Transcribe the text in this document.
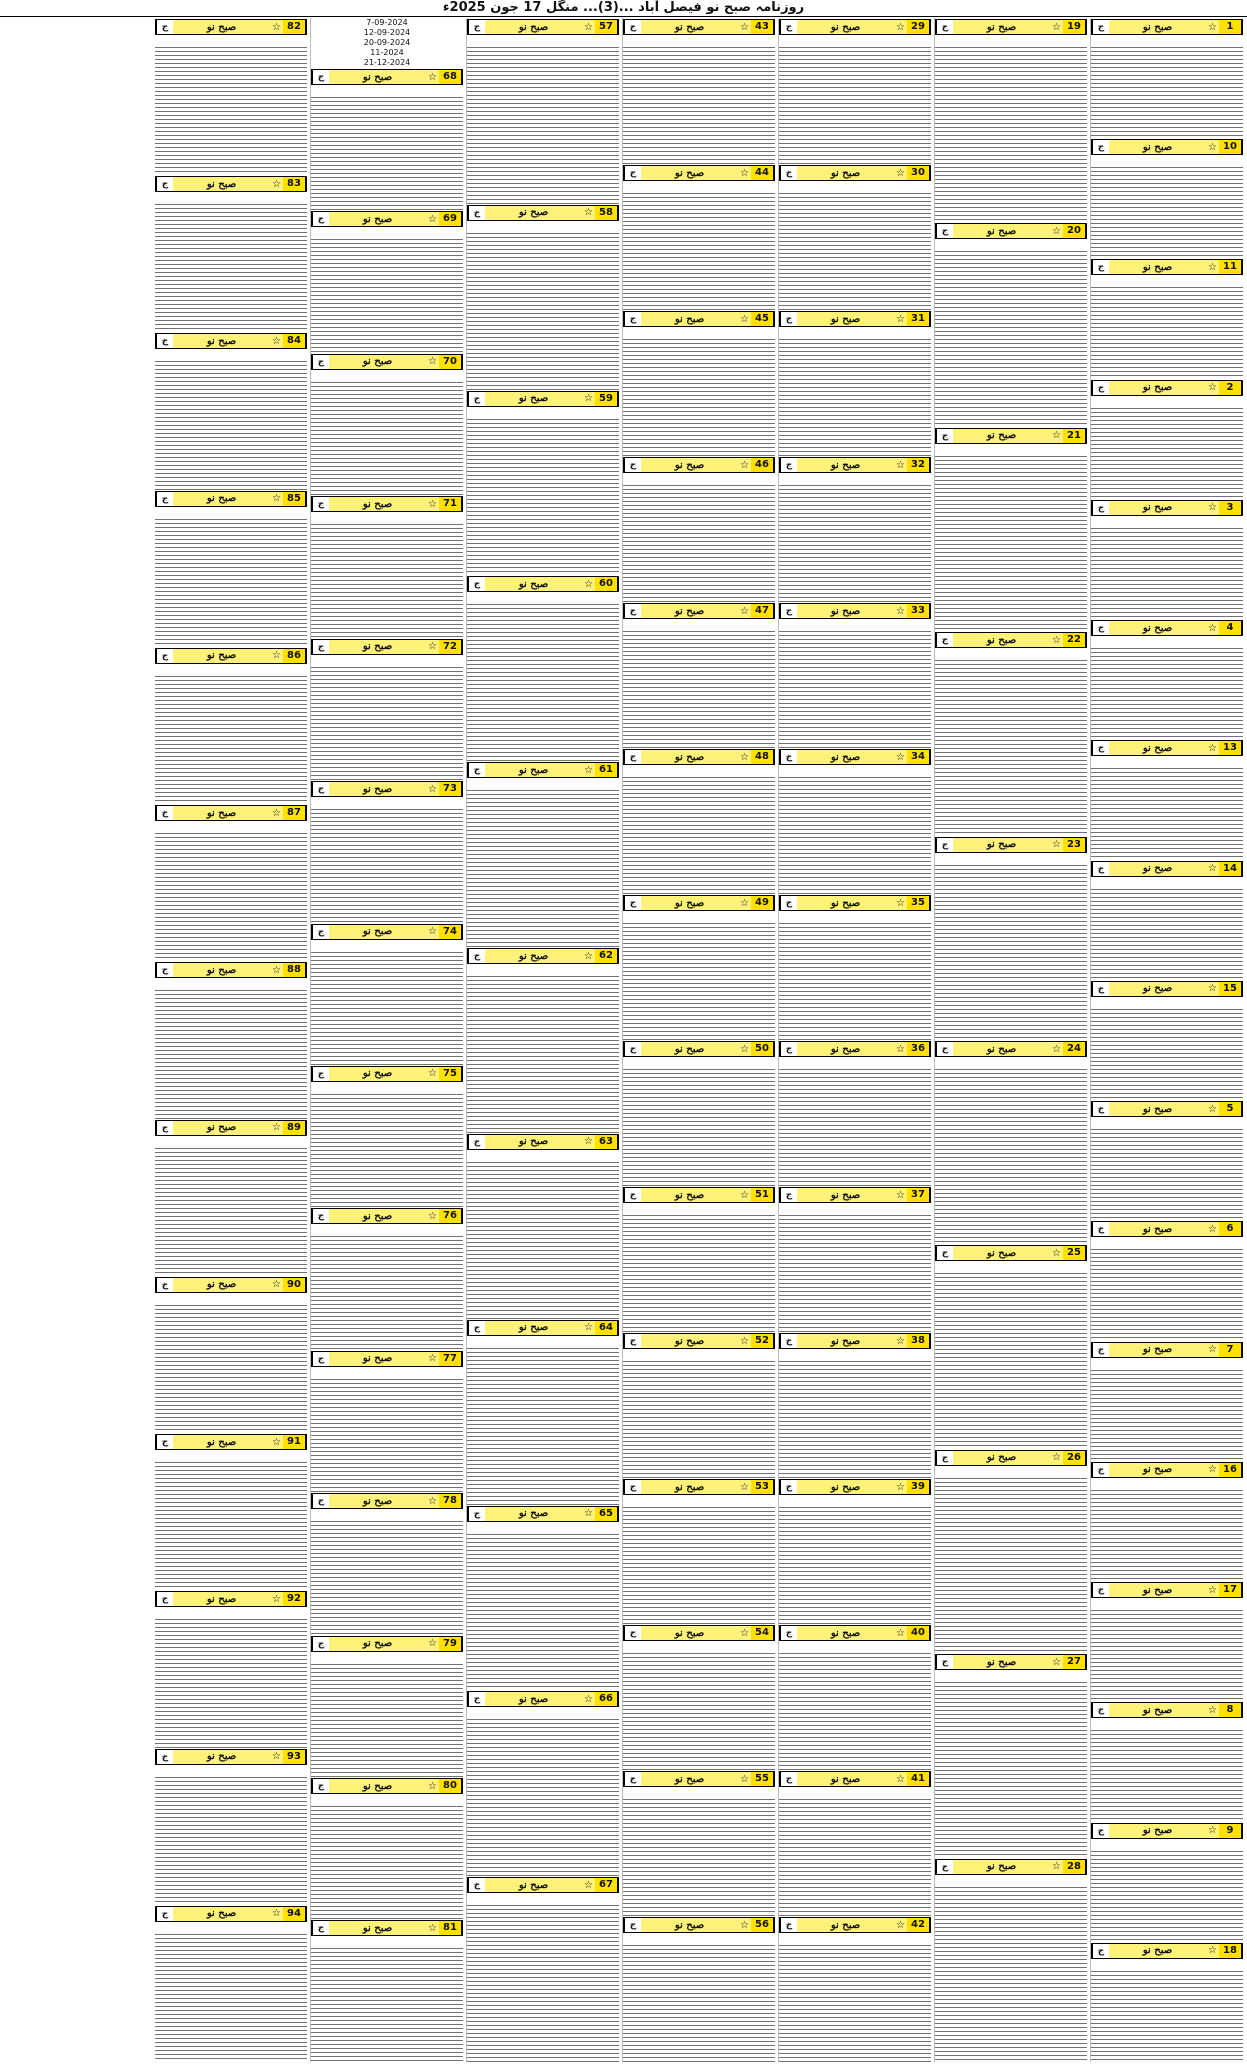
روزنامہ صبح نو فیصل آباد ...(3)... منگل 17 جون 2025ء
ج	صبح نو	☆ 1
ج	صبح نو	☆ 10
ج	صبح نو	☆ 11
ج	صبح نو	☆ 2
ج	صبح نو	☆ 3
ج	صبح نو	☆ 4
ج	صبح نو	☆ 13
ج	صبح نو	☆ 14
ج	صبح نو	☆ 15
ج	صبح نو	☆ 5
ج	صبح نو	☆ 6
ج	صبح نو	☆ 7
ج	صبح نو	☆ 16
ج	صبح نو	☆ 17
ج	صبح نو	☆ 8
ج	صبح نو	☆ 9
ج	صبح نو	☆ 18
ج	صبح نو	☆ 19
ج	صبح نو	☆ 20
ج	صبح نو	☆ 21
ج	صبح نو	☆ 22
ج	صبح نو	☆ 23
ج	صبح نو	☆ 24
ج	صبح نو	☆ 25
ج	صبح نو	☆ 26
ج	صبح نو	☆ 27
ج	صبح نو	☆ 28
ج	صبح نو	☆ 29
ج	صبح نو	☆ 30
ج	صبح نو	☆ 31
ج	صبح نو	☆ 32
ج	صبح نو	☆ 33
ج	صبح نو	☆ 34
ج	صبح نو	☆ 35
ج	صبح نو	☆ 36
ج	صبح نو	☆ 37
ج	صبح نو	☆ 38
ج	صبح نو	☆ 39
ج	صبح نو	☆ 40
ج	صبح نو	☆ 41
ج	صبح نو	☆ 42
ج	صبح نو	☆ 43
ج	صبح نو	☆ 44
ج	صبح نو	☆ 45
ج	صبح نو	☆ 46
ج	صبح نو	☆ 47
ج	صبح نو	☆ 48
ج	صبح نو	☆ 49
ج	صبح نو	☆ 50
ج	صبح نو	☆ 51
ج	صبح نو	☆ 52
ج	صبح نو	☆ 53
ج	صبح نو	☆ 54
ج	صبح نو	☆ 55
ج	صبح نو	☆ 56
ج	صبح نو	☆ 57
ج	صبح نو	☆ 58
ج	صبح نو	☆ 59
ج	صبح نو	☆ 60
ج	صبح نو	☆ 61
ج	صبح نو	☆ 62
ج	صبح نو	☆ 63
ج	صبح نو	☆ 64
ج	صبح نو	☆ 65
ج	صبح نو	☆ 66
ج	صبح نو	☆ 67
7-09-2024
12-09-2024
20-09-2024
11-2024
21-12-2024
ج	صبح نو	☆ 68
ج	صبح نو	☆ 69
ج	صبح نو	☆ 70
ج	صبح نو	☆ 71
ج	صبح نو	☆ 72
ج	صبح نو	☆ 73
ج	صبح نو	☆ 74
ج	صبح نو	☆ 75
ج	صبح نو	☆ 76
ج	صبح نو	☆ 77
ج	صبح نو	☆ 78
ج	صبح نو	☆ 79
ج	صبح نو	☆ 80
ج	صبح نو	☆ 81
ج	صبح نو	☆ 82
ج	صبح نو	☆ 83
ج	صبح نو	☆ 84
ج	صبح نو	☆ 85
ج	صبح نو	☆ 86
ج	صبح نو	☆ 87
ج	صبح نو	☆ 88
ج	صبح نو	☆ 89
ج	صبح نو	☆ 90
ج	صبح نو	☆ 91
ج	صبح نو	☆ 92
ج	صبح نو	☆ 93
ج	صبح نو	☆ 94
